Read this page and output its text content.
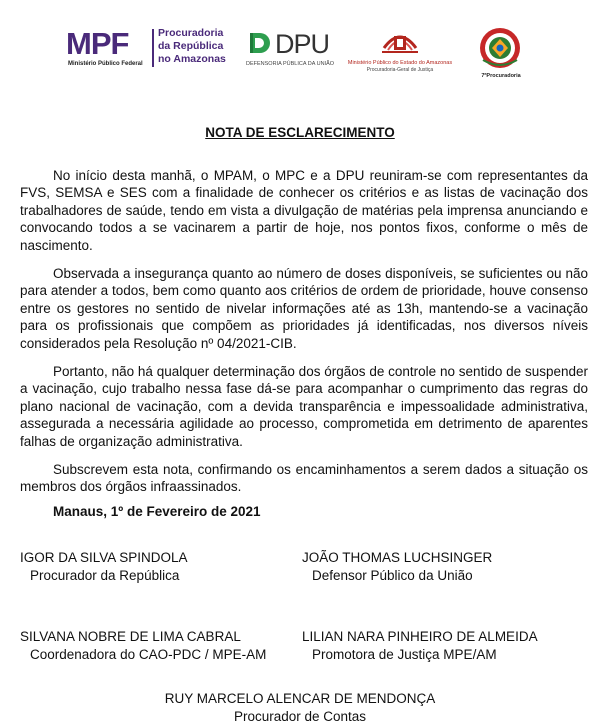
MPF
Ministério Público Federal
Procuradoria
da República
no Amazonas DPU
DEFENSORIA PÚBLICA DA UNIÃO	Ministério Público do Estado do Amazonas
Procuradoria-Geral de Justiça
7ªProcuradoria
NOTA DE ESCLARECIMENTO

No início desta manhã, o MPAM, o MPC e a DPU reuniram-se com representantes da FVS, SEMSA e SES com a finalidade de conhecer os critérios e as listas de vacinação dos trabalhadores de saúde, tendo em vista a divulgação de matérias pela imprensa anunciando e convocando todos a se vacinarem a partir de hoje, nos pontos fixos, conforme o mês de nascimento.

Observada a insegurança quanto ao número de doses disponíveis, se suficientes ou não para atender a todos, bem como quanto aos critérios de ordem de prioridade, houve consenso entre os gestores no sentido de nivelar informações até as 13h, mantendo-se a vacinação para os profissionais que compõem as prioridades já identificadas, nos diversos níveis considerados pela Resolução nº 04/2021-CIB.

Portanto, não há qualquer determinação dos órgãos de controle no sentido de suspender a vacinação, cujo trabalho nessa fase dá-se para acompanhar o cumprimento das regras do plano nacional de vacinação, com a devida transparência e impessoalidade administrativa, assegurada a necessária agilidade ao processo, comprometida em detrimento de aparentes falhas de organização administrativa.

Subscrevem esta nota, confirmando os encaminhamentos a serem dados a situação os membros dos órgãos infraassinados.

Manaus, 1º de Fevereiro de 2021
IGOR DA SILVA SPINDOLA
Procurador da República
JOÃO THOMAS LUCHSINGER
Defensor Público da União
SILVANA NOBRE DE LIMA CABRAL
Coordenadora do CAO-PDC / MPE-AM
LILIAN NARA PINHEIRO DE ALMEIDA
Promotora de Justiça MPE/AM
RUY MARCELO ALENCAR DE MENDONÇA
Procurador de Contas
